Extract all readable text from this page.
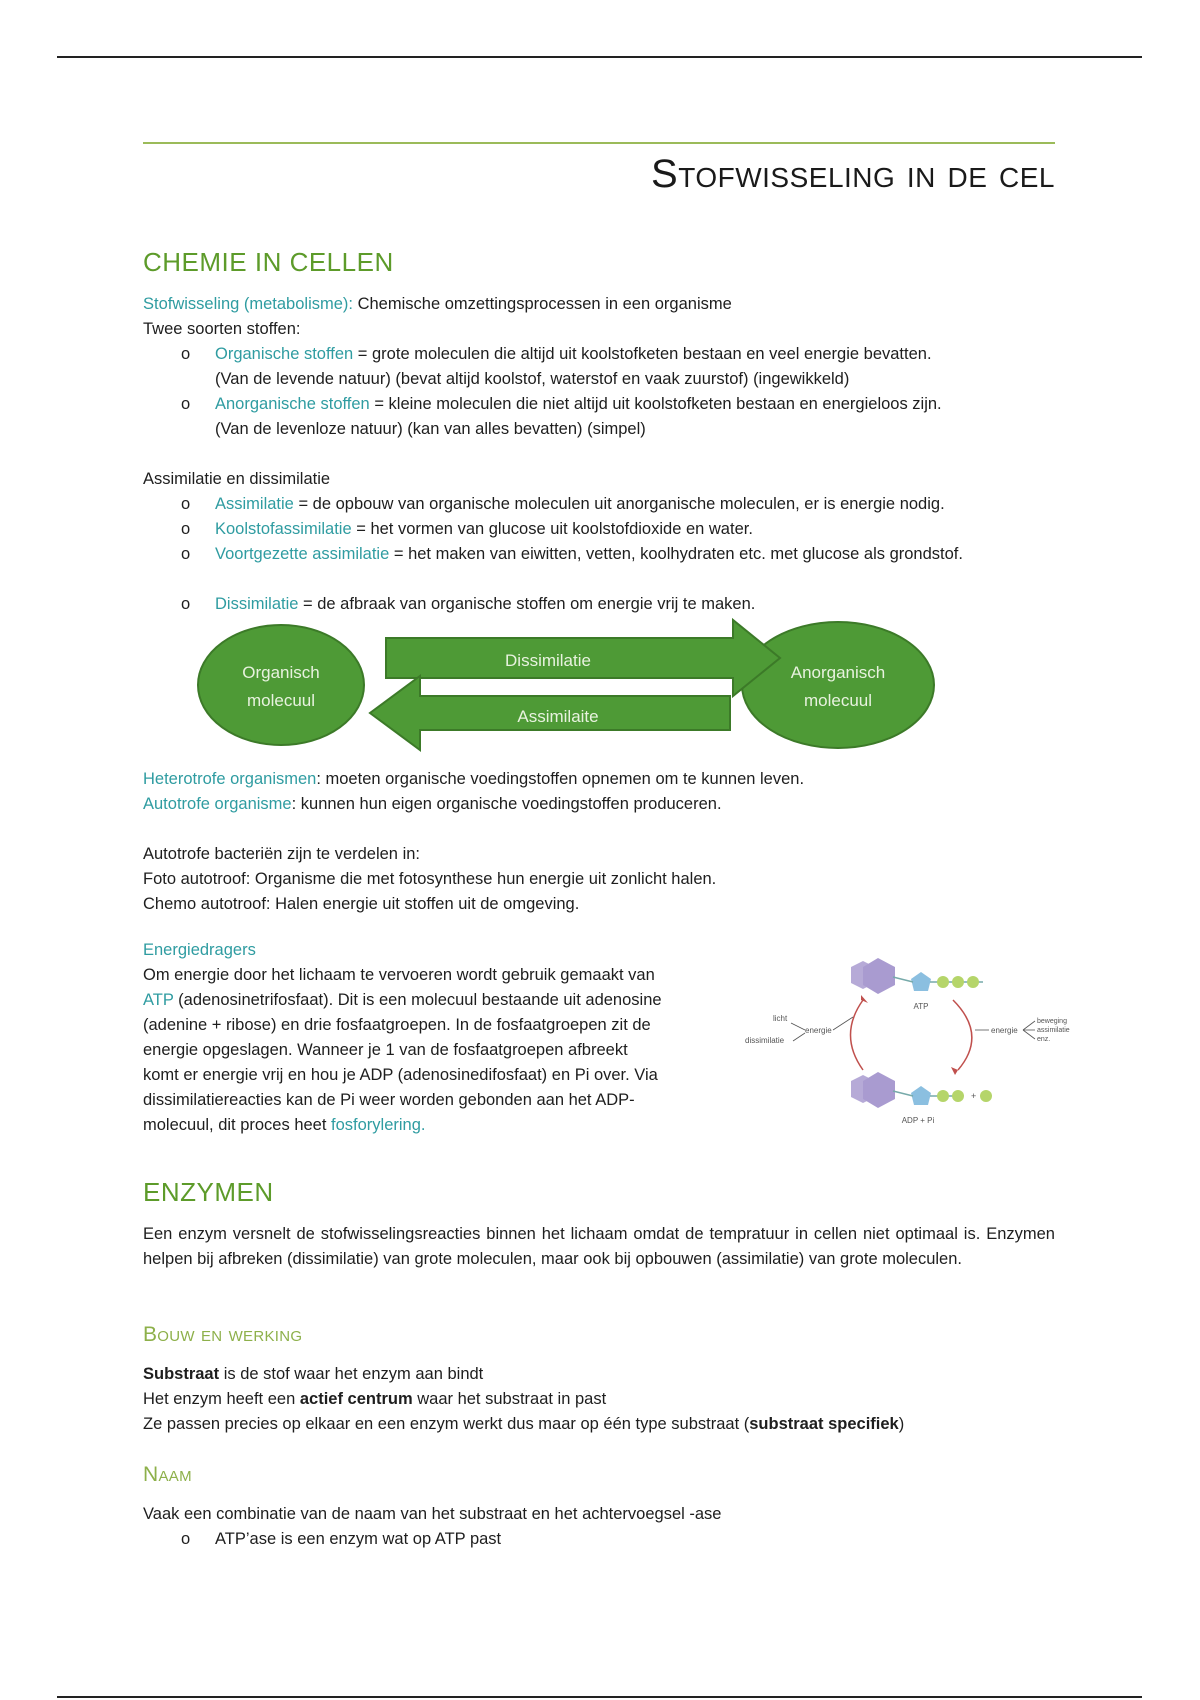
Stofwisseling in de cel
CHEMIE IN CELLEN
Stofwisseling (metabolisme): Chemische omzettingsprocessen in een organisme
Twee soorten stoffen:
o Organische stoffen = grote moleculen die altijd uit koolstofketen bestaan en veel energie bevatten.
(Van de levende natuur) (bevat altijd koolstof, waterstof en vaak zuurstof) (ingewikkeld)
o Anorganische stoffen = kleine moleculen die niet altijd uit koolstofketen bestaan en energieloos zijn.
(Van de levenloze natuur) (kan van alles bevatten) (simpel)
Assimilatie en dissimilatie
o Assimilatie = de opbouw van organische moleculen uit anorganische moleculen, er is energie nodig.
o Koolstofassimilatie = het vormen van glucose uit koolstofdioxide en water.
o Voortgezette assimilatie = het maken van eiwitten, vetten, koolhydraten etc. met glucose als grondstof.
o Dissimilatie = de afbraak van organische stoffen om energie vrij te maken.
Organisch
molecuul
Anorganisch
molecuul
Dissimilatie
Assimilaite
Heterotrofe organismen: moeten organische voedingstoffen opnemen om te kunnen leven.
Autotrofe organisme: kunnen hun eigen organische voedingstoffen produceren.
Autotrofe bacteriën zijn te verdelen in:
Foto autotroof: Organisme die met fotosynthese hun energie uit zonlicht halen.
Chemo autotroof: Halen energie uit stoffen uit de omgeving.
Energiedragers
Om energie door het lichaam te vervoeren wordt gebruik gemaakt van
ATP (adenosinetrifosfaat). Dit is een molecuul bestaande uit adenosine
(adenine + ribose) en drie fosfaatgroepen. In de fosfaatgroepen zit de
energie opgeslagen. Wanneer je 1 van de fosfaatgroepen afbreekt
komt er energie vrij en hou je ADP (adenosinedifosfaat) en Pi over. Via
dissimilatiereacties kan de Pi weer worden gebonden aan het ADP-
molecuul, dit proces heet fosforylering.
ATP
+
ADP + Pi
licht
dissimilatie
energie	energie
beweging
assimilatie
enz.
ENZYMEN
Een enzym versnelt de stofwisselingsreacties binnen het lichaam omdat de tempratuur in cellen niet optimaal is. Enzymen helpen bij afbreken (dissimilatie) van grote moleculen, maar ook bij opbouwen (assimilatie) van grote moleculen.
Bouw en werking
Substraat is de stof waar het enzym aan bindt
Het enzym heeft een actief centrum waar het substraat in past
Ze passen precies op elkaar en een enzym werkt dus maar op één type substraat (substraat specifiek)
Naam
Vaak een combinatie van de naam van het substraat en het achtervoegsel -ase
o ATP’ase is een enzym wat op ATP past
